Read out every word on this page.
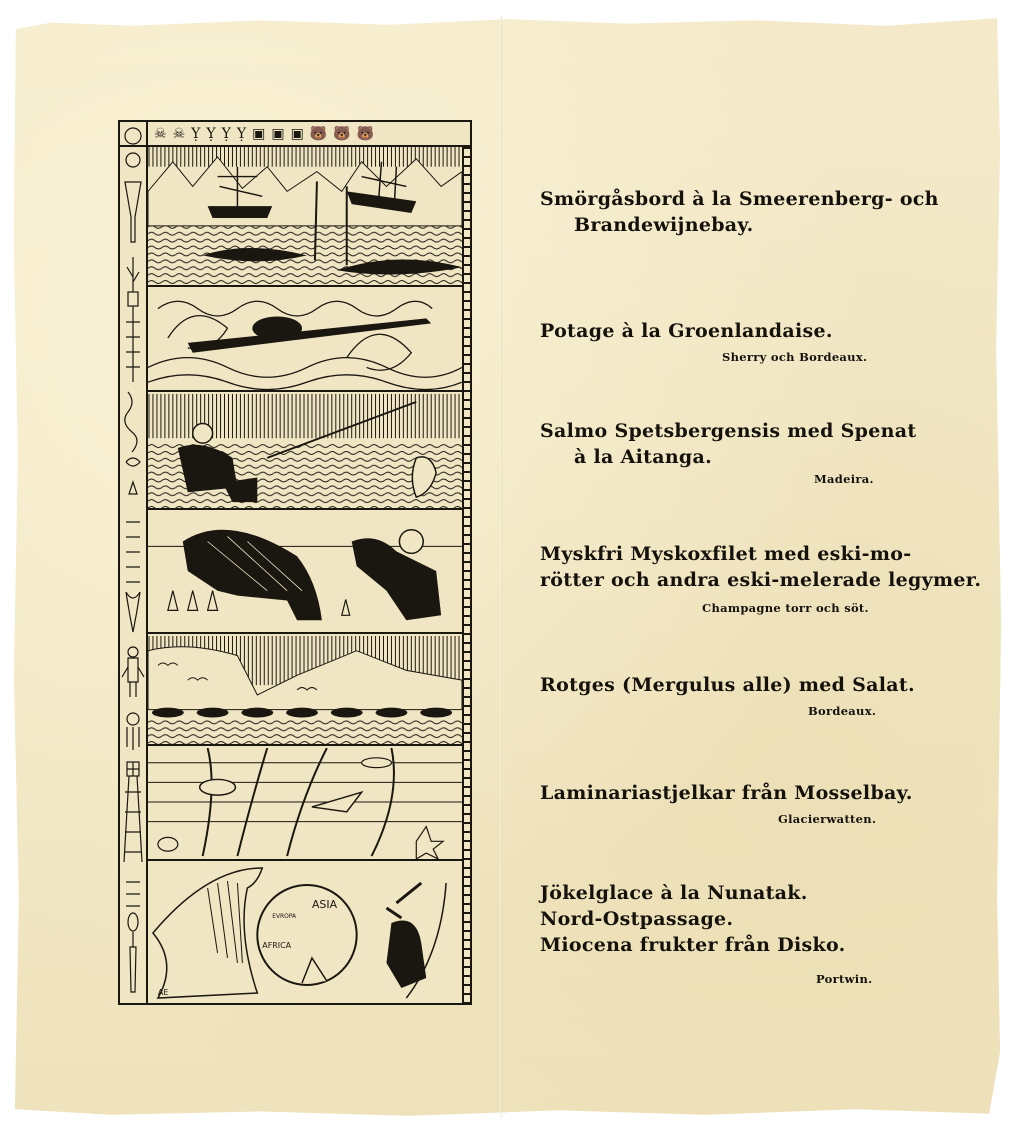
☠ ☠ Ỵ Ỵ Ỵ Ỵ ▣ ▣ ▣ 🐻 🐻 🐻
ASIA
EVROPA
AFRICA
AE
Smörgåsbord à la Smeerenberg- och
Brandewijnebay.
Potage à la Groenlandaise.
Sherry och Bordeaux.
Salmo Spetsbergensis med Spenat
à la Aitanga.
Madeira.
Myskfri Myskoxfilet med eski-mo-
rötter och andra eski-melerade legymer.
Champagne torr och söt.
Rotges (Mergulus alle) med Salat.
Bordeaux.
Laminariastjelkar från Mosselbay.
Glacierwatten.
Jökelglace à la Nunatak.
Nord-Ostpassage.
Miocena frukter från Disko.
Portwin.
